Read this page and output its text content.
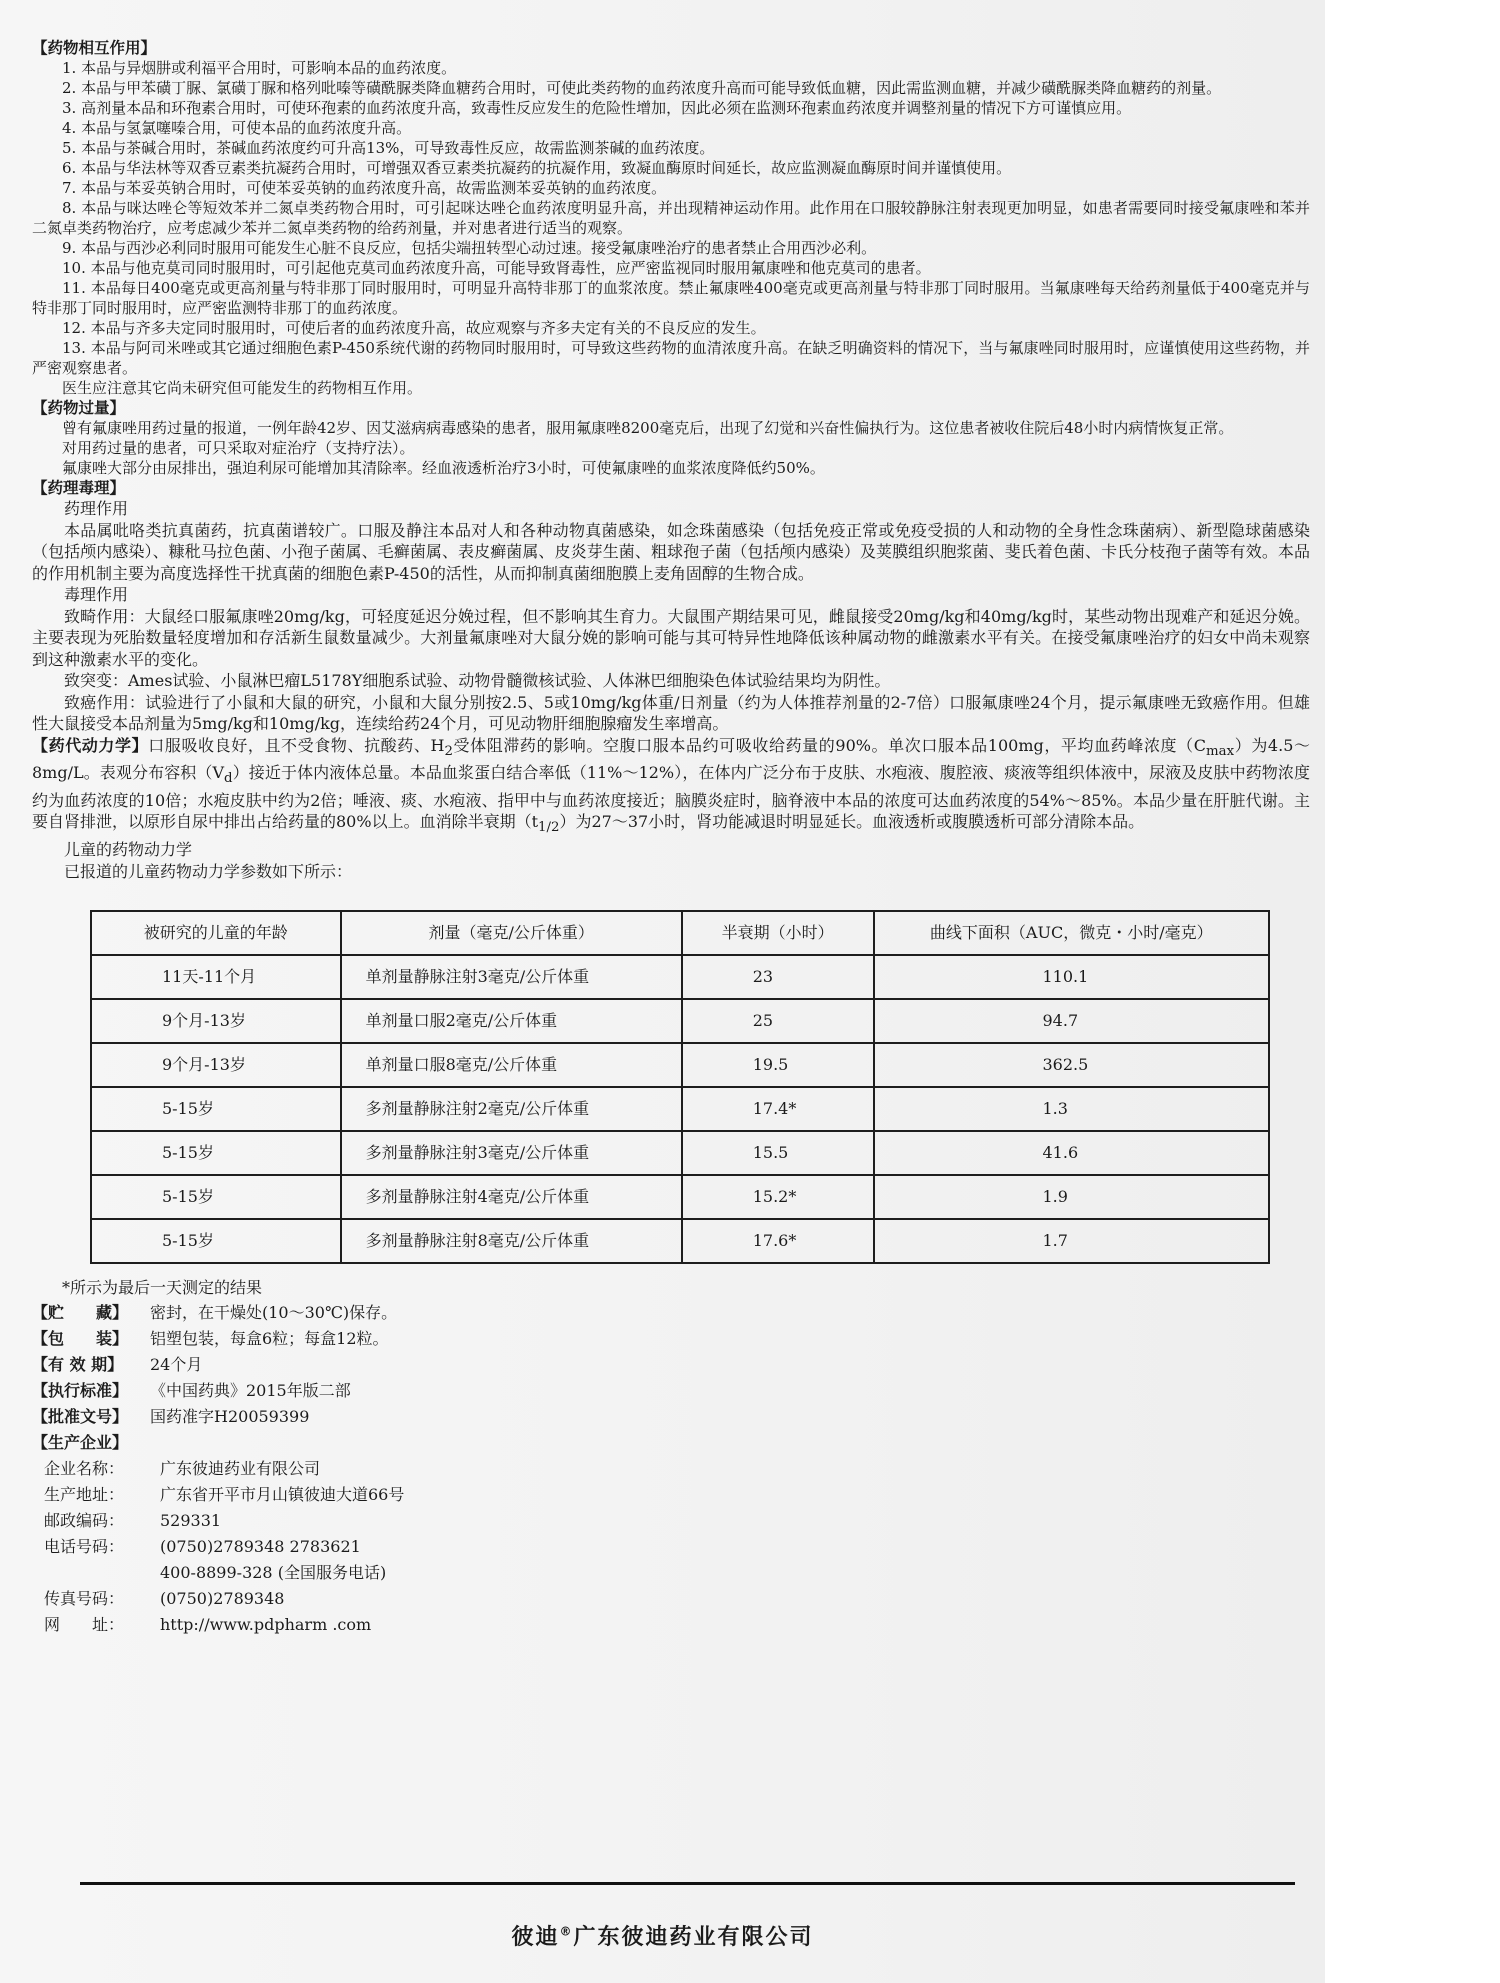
【药物相互作用】

1. 本品与异烟肼或利福平合用时，可影响本品的血药浓度。

2. 本品与甲苯磺丁脲、氯磺丁脲和格列吡嗪等磺酰脲类降血糖药合用时，可使此类药物的血药浓度升高而可能导致低血糖，因此需监测血糖，并减少磺酰脲类降血糖药的剂量。

3. 高剂量本品和环孢素合用时，可使环孢素的血药浓度升高，致毒性反应发生的危险性增加，因此必须在监测环孢素血药浓度并调整剂量的情况下方可谨慎应用。

4. 本品与氢氯噻嗪合用，可使本品的血药浓度升高。

5. 本品与茶碱合用时，茶碱血药浓度约可升高13%，可导致毒性反应，故需监测茶碱的血药浓度。

6. 本品与华法林等双香豆素类抗凝药合用时，可增强双香豆素类抗凝药的抗凝作用，致凝血酶原时间延长，故应监测凝血酶原时间并谨慎使用。

7. 本品与苯妥英钠合用时，可使苯妥英钠的血药浓度升高，故需监测苯妥英钠的血药浓度。

8. 本品与咪达唑仑等短效苯并二氮卓类药物合用时，可引起咪达唑仑血药浓度明显升高，并出现精神运动作用。此作用在口服较静脉注射表现更加明显，如患者需要同时接受氟康唑和苯并二氮卓类药物治疗，应考虑减少苯并二氮卓类药物的给药剂量，并对患者进行适当的观察。

9. 本品与西沙必利同时服用可能发生心脏不良反应，包括尖端扭转型心动过速。接受氟康唑治疗的患者禁止合用西沙必利。

10. 本品与他克莫司同时服用时，可引起他克莫司血药浓度升高，可能导致肾毒性，应严密监视同时服用氟康唑和他克莫司的患者。

11. 本品每日400毫克或更高剂量与特非那丁同时服用时，可明显升高特非那丁的血浆浓度。禁止氟康唑400毫克或更高剂量与特非那丁同时服用。当氟康唑每天给药剂量低于400毫克并与特非那丁同时服用时，应严密监测特非那丁的血药浓度。

12. 本品与齐多夫定同时服用时，可使后者的血药浓度升高，故应观察与齐多夫定有关的不良反应的发生。

13. 本品与阿司米唑或其它通过细胞色素P-450系统代谢的药物同时服用时，可导致这些药物的血清浓度升高。在缺乏明确资料的情况下，当与氟康唑同时服用时，应谨慎使用这些药物，并严密观察患者。

医生应注意其它尚未研究但可能发生的药物相互作用。

【药物过量】

曾有氟康唑用药过量的报道，一例年龄42岁、因艾滋病病毒感染的患者，服用氟康唑8200毫克后，出现了幻觉和兴奋性偏执行为。这位患者被收住院后48小时内病情恢复正常。

对用药过量的患者，可只采取对症治疗（支持疗法）。

氟康唑大部分由尿排出，强迫利尿可能增加其清除率。经血液透析治疗3小时，可使氟康唑的血浆浓度降低约50%。

【药理毒理】

药理作用

本品属吡咯类抗真菌药，抗真菌谱较广。口服及静注本品对人和各种动物真菌感染，如念珠菌感染（包括免疫正常或免疫受损的人和动物的全身性念珠菌病）、新型隐球菌感染（包括颅内感染）、糠秕马拉色菌、小孢子菌属、毛癣菌属、表皮癣菌属、皮炎芽生菌、粗球孢子菌（包括颅内感染）及荚膜组织胞浆菌、斐氏着色菌、卡氏分枝孢子菌等有效。本品的作用机制主要为高度选择性干扰真菌的细胞色素P-450的活性，从而抑制真菌细胞膜上麦角固醇的生物合成。

毒理作用

致畸作用：大鼠经口服氟康唑20mg/kg，可轻度延迟分娩过程，但不影响其生育力。大鼠围产期结果可见，雌鼠接受20mg/kg和40mg/kg时，某些动物出现难产和延迟分娩。主要表现为死胎数量轻度增加和存活新生鼠数量减少。大剂量氟康唑对大鼠分娩的影响可能与其可特异性地降低该种属动物的雌激素水平有关。在接受氟康唑治疗的妇女中尚未观察到这种激素水平的变化。

致突变：Ames试验、小鼠淋巴瘤L5178Y细胞系试验、动物骨髓微核试验、人体淋巴细胞染色体试验结果均为阴性。

致癌作用：试验进行了小鼠和大鼠的研究，小鼠和大鼠分别按2.5、5或10mg/kg体重/日剂量（约为人体推荐剂量的2-7倍）口服氟康唑24个月，提示氟康唑无致癌作用。但雄性大鼠接受本品剂量为5mg/kg和10mg/kg，连续给药24个月，可见动物肝细胞腺瘤发生率增高。

【药代动力学】口服吸收良好，且不受食物、抗酸药、$H_2$受体阻滞药的影响。空腹口服本品约可吸收给药量的90%。单次口服本品100mg，平均血药峰浓度$(C_{max})$为4.5～8mg/L。表观分布容积$(V_d)$接近于体内液体总量。本品血浆蛋白结合率低（11%～12%），在体内广泛分布于皮肤、水疱液、腹腔液、痰液等组织体液中，尿液及皮肤中药物浓度约为血药浓度的10倍；水疱皮肤中约为2倍；唾液、痰、水疱液、指甲中与血药浓度接近；脑膜炎症时，脑脊液中本品的浓度可达血药浓度的54%～85%。本品少量在肝脏代谢。主要自肾排泄，以原形自尿中排出占给药量的80%以上。血消除半衰期$(t_{1/2})$为27～37小时，肾功能减退时明显延长。血液透析或腹膜透析可部分清除本品。

儿童的药物动力学

已报道的儿童药物动力学参数如下所示：

被研究的儿童的年龄	剂量（毫克/公斤体重）	半衰期（小时）	曲线下面积（AUC，微克・小时/毫克）
11天-11个月	单剂量静脉注射3毫克/公斤体重	23	110.1
9个月-13岁	单剂量口服2毫克/公斤体重	25	94.7
9个月-13岁	单剂量口服8毫克/公斤体重	19.5	362.5
5-15岁	多剂量静脉注射2毫克/公斤体重	17.4*	1.3
5-15岁	多剂量静脉注射3毫克/公斤体重	15.5	41.6
5-15岁	多剂量静脉注射4毫克/公斤体重	15.2*	1.9
5-15岁	多剂量静脉注射8毫克/公斤体重	17.6*	1.7

*所示为最后一天测定的结果

【贮　　藏】	密封，在干燥处(10～30℃)保存。
【包　　装】	铝塑包装，每盒6粒；每盒12粒。
【有 效 期】	24个月
【执行标准】	《中国药典》2015年版二部
【批准文号】	国药准字H20059399
【生产企业】
企业名称：	广东彼迪药业有限公司
生产地址：	广东省开平市月山镇彼迪大道66号
邮政编码：	529331
电话号码：	(0750)2789348 2783621
400-8899-328 (全国服务电话)
传真号码：	(0750)2789348
网　　址：	http://www.pdpharm .com
彼迪®广东彼迪药业有限公司
